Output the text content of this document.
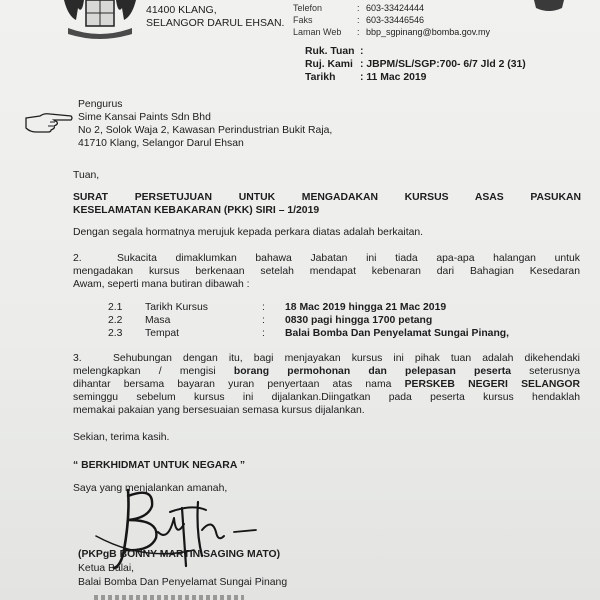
41400 KLANG,
SELANGOR DARUL EHSAN.
Telefon	: 603-33424444
Faks	: 603-33446546
Laman Web : bbp_sgpinang@bomba.gov.my
Ruk. Tuan :
Ruj. Kami : JBPM/SL/SGP:700- 6/7 Jld 2 (31)
Tarikh : 11 Mac 2019
Pengurus
Sime Kansai Paints Sdn Bhd
No 2, Solok Waja 2, Kawasan Perindustrian Bukit Raja,
41710 Klang, Selangor Darul Ehsan
Tuan,
SURAT PERSETUJUAN UNTUK MENGADAKAN KURSUS ASAS PASUKAN
KESELAMATAN KEBAKARAN (PKK) SIRI – 1/2019
Dengan segala hormatnya merujuk kepada perkara diatas adalah berkaitan.
2.	Sukacita dimaklumkan bahawa Jabatan ini tiada apa-apa halangan untuk
mengadakan kursus berkenaan setelah mendapat kebenaran dari Bahagian Kesedaran
Awam, seperti mana butiran dibawah :
2.1 Tarikh Kursus	: 18 Mac 2019 hingga 21 Mac 2019
2.2 Masa	: 0830 pagi hingga 1700 petang
2.3 Tempat	: Balai Bomba Dan Penyelamat Sungai Pinang,
3.	Sehubungan dengan itu, bagi menjayakan kursus ini pihak tuan adalah dikehendaki
melengkapkan / mengisi borang permohonan dan pelepasan peserta seterusnya
dihantar bersama bayaran yuran penyertaan atas nama PERSKEB NEGERI SELANGOR
seminggu sebelum kursus ini dijalankan.Diingatkan pada peserta kursus hendaklah
memakai pakaian yang bersesuaian semasa kursus dijalankan.
Sekian, terima kasih.
“ BERKHIDMAT UNTUK NEGARA ”
Saya yang menjalankan amanah,
(PKPgB BONNY MARTIN SAGING MATO)
Ketua Balai,
Balai Bomba Dan Penyelamat Sungai Pinang
